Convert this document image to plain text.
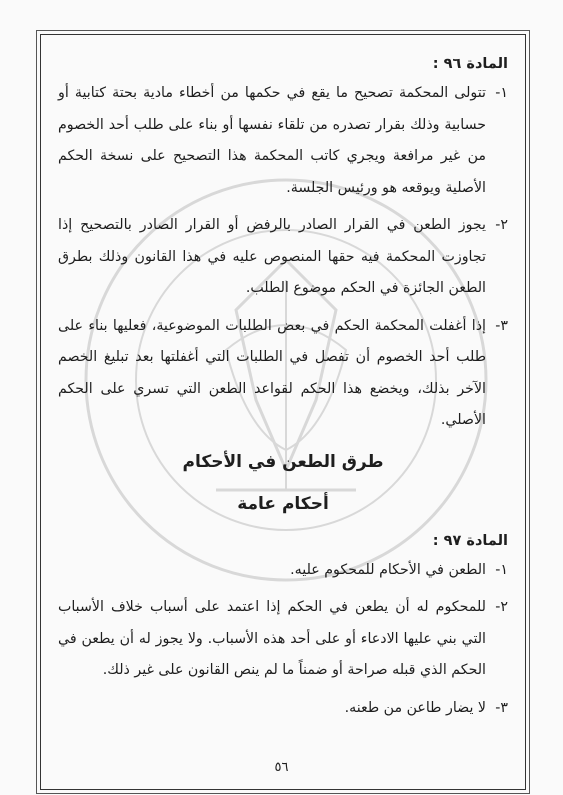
المادة ٩٦ :
١-
تتولى المحكمة تصحيح ما يقع في حكمها من أخطاء مادية بحتة كتابية أو حسابية وذلك بقرار تصدره من تلقاء نفسها أو بناء على طلب أحد الخصوم من غير مرافعة ويجري كاتب المحكمة هذا التصحيح على نسخة الحكم الأصلية ويوقعه هو ورئيس الجلسة.
٢-
يجوز الطعن في القرار الصادر بالرفض أو القرار الصادر بالتصحيح إذا تجاوزت المحكمة فيه حقها المنصوص عليه في هذا القانون وذلك بطرق الطعن الجائزة في الحكم موضوع الطلب.
٣-
إذا أغفلت المحكمة الحكم في بعض الطلبات الموضوعية، فعليها بناء على طلب أحد الخصوم أن تفصل في الطلبات التي أغفلتها بعد تبليغ الخصم الآخر بذلك، ويخضع هذا الحكم لقواعد الطعن التي تسري على الحكم الأصلي.
طرق الطعن في الأحكام
أحكام عامة
المادة ٩٧ :
١-
الطعن في الأحكام للمحكوم عليه.
٢-
للمحكوم له أن يطعن في الحكم إذا اعتمد على أسباب خلاف الأسباب التي بني عليها الادعاء أو على أحد هذه الأسباب. ولا يجوز له أن يطعن في الحكم الذي قبله صراحة أو ضمناً ما لم ينص القانون على غير ذلك.
٣-
لا يضار طاعن من طعنه.
٥٦
